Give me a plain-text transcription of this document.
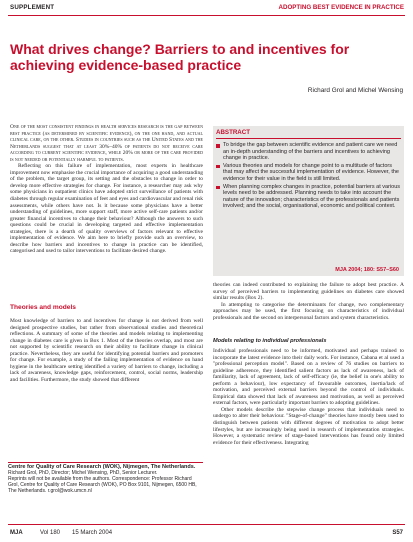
SUPPLEMENT	ADOPTING BEST EVIDENCE IN PRACTICE
What drives change? Barriers to and incentives for achieving evidence-based practice
Richard Grol and Michel Wensing

One of the most consistent findings in health services research is the gap between best practice (as determined by scientific evidence), on the one hand, and actual clinical care, on the other. Studies in countries such as the United States and the Netherlands suggest that at least 30%–40% of patients do not receive care according to current scientific evidence, while 20% or more of the care provided is not needed or potentially harmful to patients.

Reflecting on this failure of implementation, most experts in healthcare improvement now emphasise the crucial importance of acquiring a good understanding of the problem, the target group, its setting and the obstacles to change in order to develop more effective strategies for change. For instance, a researcher may ask why some physicians in outpatient clinics have adopted strict surveillance of patients with diabetes through regular examination of feet and eyes and cardiovascular and renal risk assessments, while others have not. Is it because some physicians have a better understanding of guidelines, more support staff, more active self-care patients and/or greater financial incentives to change their behaviour? Although the answers to such questions could be crucial in developing targeted and effective implementation strategies, there is a dearth of quality overviews of factors relevant to effective implementation of evidence. We aim here to briefly provide such an overview, to describe how barriers and incentives to change in practice can be identified, categorised and used to tailor interventions to facilitate desired change.

Theories and models

Most knowledge of barriers to and incentives for change is not derived from well designed prospective studies, but rather from observational studies and theoretical reflections. A summary of some of the theories and models relating to implementing change in diabetes care is given in Box 1. Most of the theories overlap, and most are not supported by scientific research on their ability to facilitate change in clinical practice. Nevertheless, they are useful for identifying potential barriers and promoters for change. For example, a study of the failing implementation of evidence on hand hygiene in the healthcare setting identified a variety of barriers to change, including a lack of awareness, knowledge gaps, reinforcement, control, social norms, leadership and facilities. Furthermore, the study showed that different

Centre for Quality of Care Research (WOK), Nijmegen, The Netherlands.
Richard Grol, PhD, Director; Michel Wensing, PhD, Senior Lecturer.
Reprints will not be available from the authors. Correspondence: Professor Richard Grol, Centre for Quality of Care Research (WOK), PO Box 9101, Nijmegen, 6500 HB, The Netherlands. r.grol@wok.umcn.nl
ABSTRACT
To bridge the gap between scientific evidence and patient care we need an in-depth understanding of the barriers and incentives to achieving change in practice.
Various theories and models for change point to a multitude of factors that may affect the successful implementation of evidence. However, the evidence for their value in the field is still limited.
When planning complex changes in practice, potential barriers at various levels need to be addressed. Planning needs to take into account the nature of the innovation; characteristics of the professionals and patients involved; and the social, organisational, economic and political context.
MJA 2004; 180: S57–S60

theories can indeed contributed to explaining the failure to adopt best practice. A survey of perceived barriers to implementing guidelines on diabetes care showed similar results (Box 2).

In attempting to categorise the determinants for change, two complementary approaches may be used, the first focusing on characteristics of individual professionals and the second on interpersonal factors and system characteristics.

Models relating to individual professionals

Individual professionals need to be informed, motivated and perhaps trained to incorporate the latest evidence into their daily work. For instance, Cabana et al used a "professional perception model". Based on a review of 76 studies on barriers to guideline adherence, they identified salient factors as lack of awareness, lack of familiarity, lack of agreement, lack of self-efficacy (ie, the belief in one's ability to perform a behaviour), low expectancy of favourable outcomes, inertia/lack of motivation, and perceived external barriers beyond the control of individuals. Empirical data showed that lack of awareness and motivation, as well as perceived external factors, were particularly important barriers to adopting guidelines.

Other models describe the stepwise change process that individuals need to undergo to alter their behaviour. "Stage-of-change" theories have mostly been used to distinguish between patients with different degrees of motivation to adopt better lifestyles, but are increasingly being used in research of implementation strategies. However, a systematic review of stage-based interventions has found only limited evidence for their effectiveness. Integrating

MJA	Vol 180 15 March 2004	S57
